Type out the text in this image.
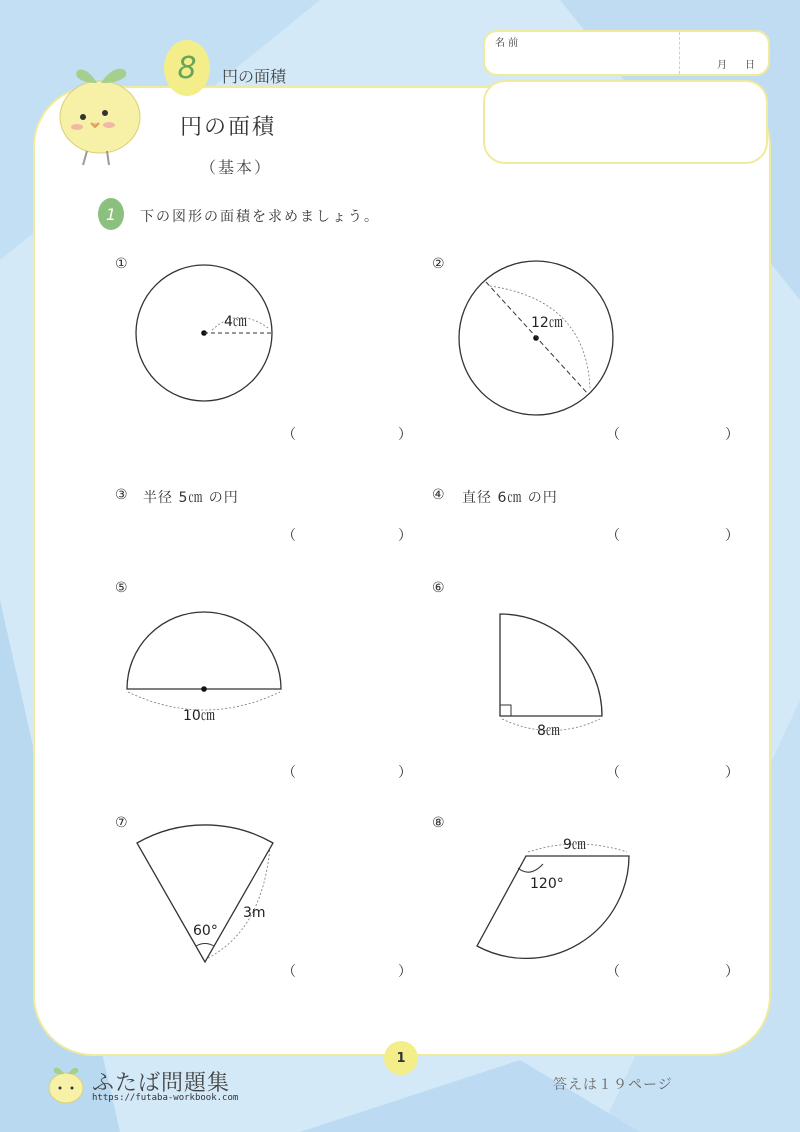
8	円の面積
円の面積
（基本）
名 前
月 日
1	下の図形の面積を求めましょう。
①	②
③ 半径 5㎝ の円	④ 直径 6㎝ の円
⑤	⑥
⑦	⑧
（	）	（	）
（	）	（	）
（	）	（	）
（	）	（	）
4㎝	12㎝
10㎝
8㎝
60°
3m
9㎝
120°
1
ふたば問題集
https://futaba-workbook.com
答えは１９ページ
